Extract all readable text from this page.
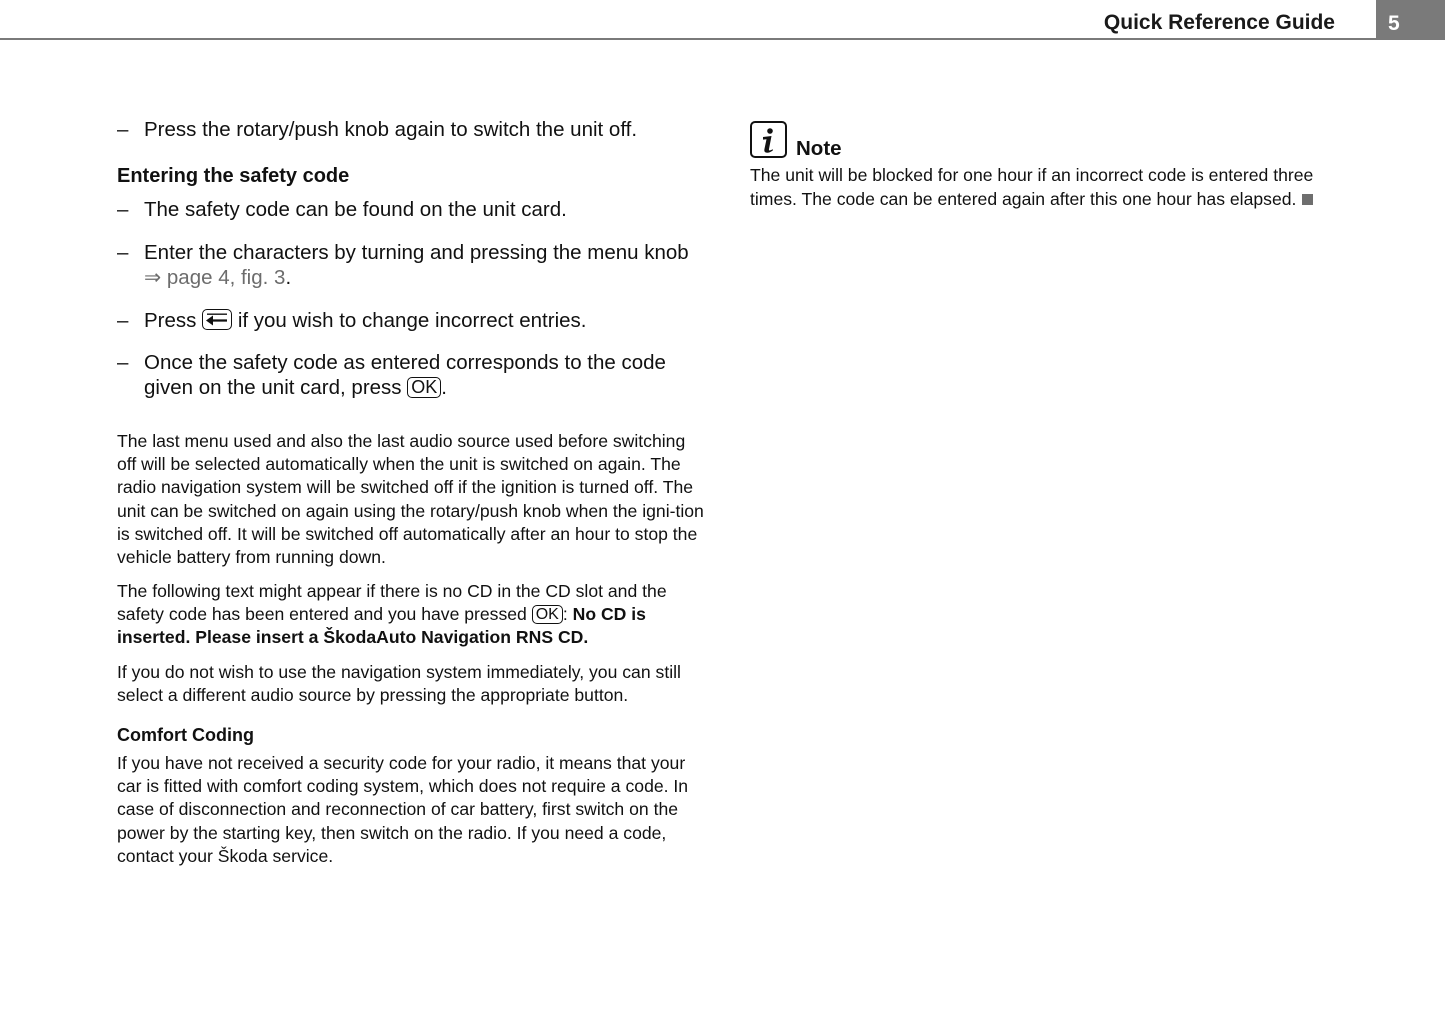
Quick Reference Guide	5
– Press the rotary/push knob again to switch the unit off.
Entering the safety code
– The safety code can be found on the unit card.
– Enter the characters by turning and pressing the menu knob ⇒ page 4, fig. 3.
– Press if you wish to change incorrect entries.
– Once the safety code as entered corresponds to the code given on the unit card, press OK .
The last menu used and also the last audio source used before switching off will be selected automatically when the unit is switched on again. The radio navigation system will be switched off if the ignition is turned off. The unit can be switched on again using the rotary/push knob when the igni-tion is switched off. It will be switched off automatically after an hour to stop the vehicle battery from running down.
The following text might appear if there is no CD in the CD slot and the safety code has been entered and you have pressed OK : No CD is inserted. Please insert a ŠkodaAuto Navigation RNS CD.
If you do not wish to use the navigation system immediately, you can still select a different audio source by pressing the appropriate button.
Comfort Coding
If you have not received a security code for your radio, it means that your car is fitted with comfort coding system, which does not require a code. In case of disconnection and reconnection of car battery, first switch on the power by the starting key, then switch on the radio. If you need a code, contact your Škoda service.
Note
The unit will be blocked for one hour if an incorrect code is entered three times. The code can be entered again after this one hour has elapsed.
